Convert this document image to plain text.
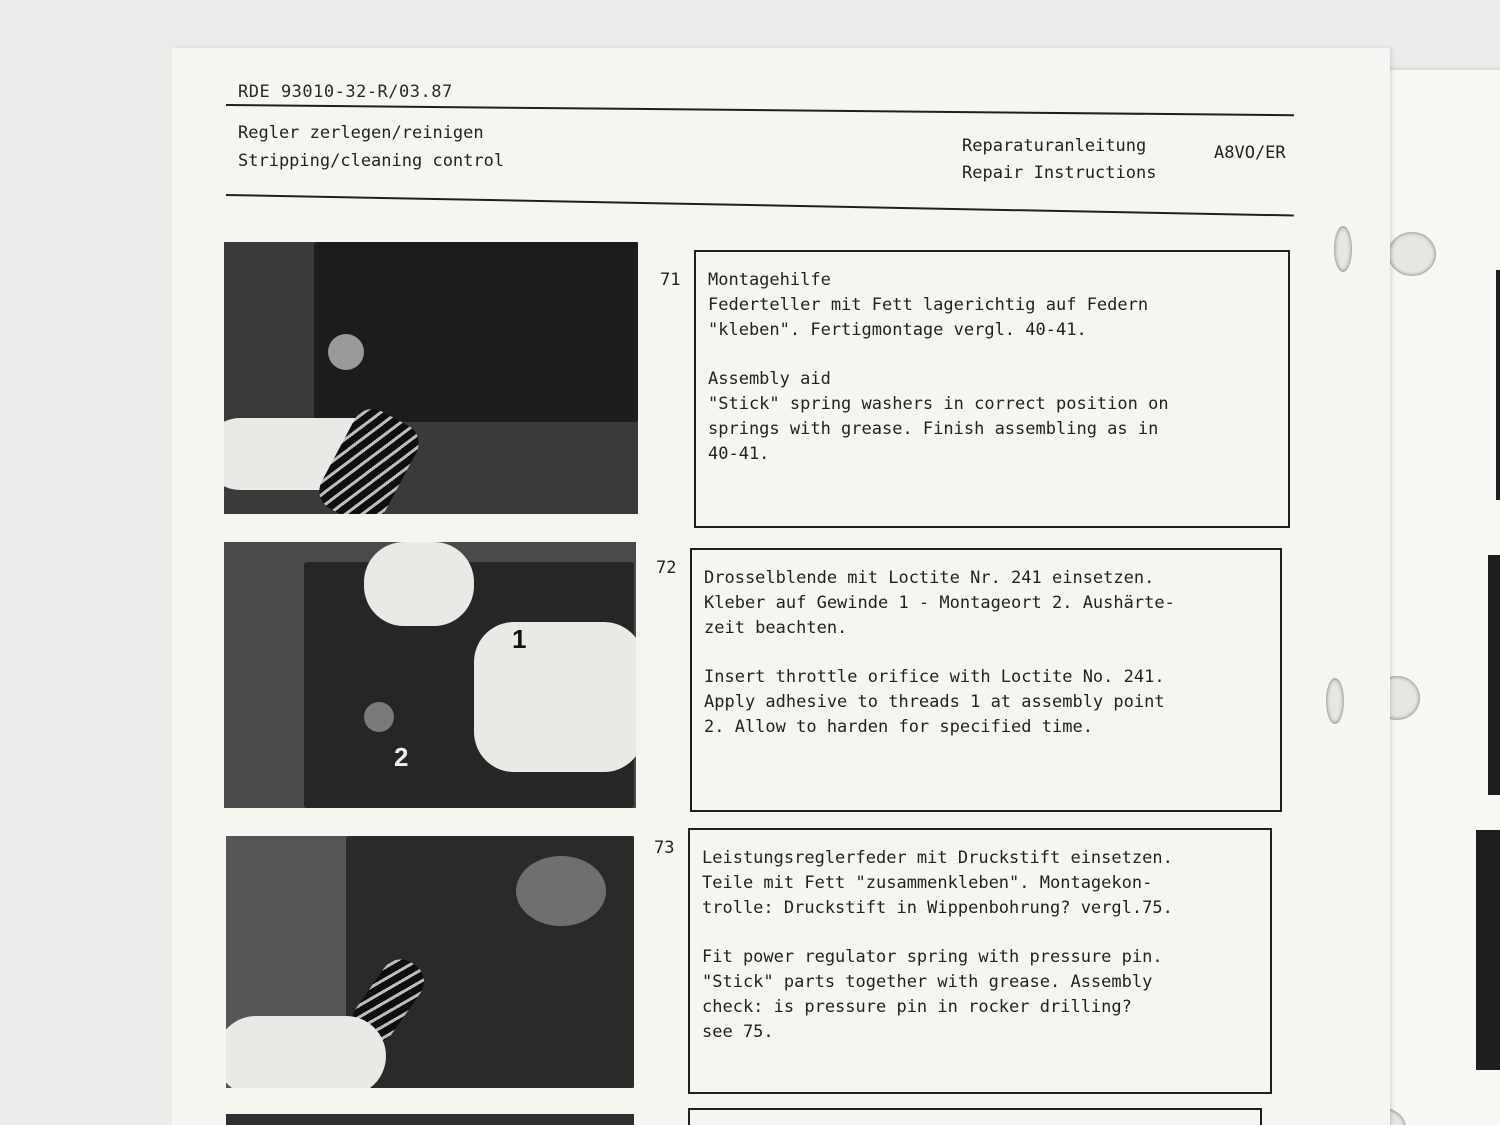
RDE 93010-32-R/03.87
Regler zerlegen/reinigen
Stripping/cleaning control
Reparaturanleitung	A8VO/ER
Repair Instructions
71 Montagehilfe
Federteller mit Fett lagerichtig auf Federn
"kleben". Fertigmontage vergl. 40-41.

Assembly aid
"Stick" spring washers in correct position on
springs with grease. Finish assembling as in
40-41.

1
2
72 Drosselblende mit Loctite Nr. 241 einsetzen.
Kleber auf Gewinde 1 - Montageort 2. Aushärte-
zeit beachten.

Insert throttle orifice with Loctite No. 241.
Apply adhesive to threads 1 at assembly point
2. Allow to harden for specified time.

73 Leistungsreglerfeder mit Druckstift einsetzen.
Teile mit Fett "zusammenkleben". Montagekon-
trolle: Druckstift in Wippenbohrung? vergl.75.

Fit power regulator spring with pressure pin.
"Stick" parts together with grease. Assembly
check: is pressure pin in rocker drilling?
see 75.
